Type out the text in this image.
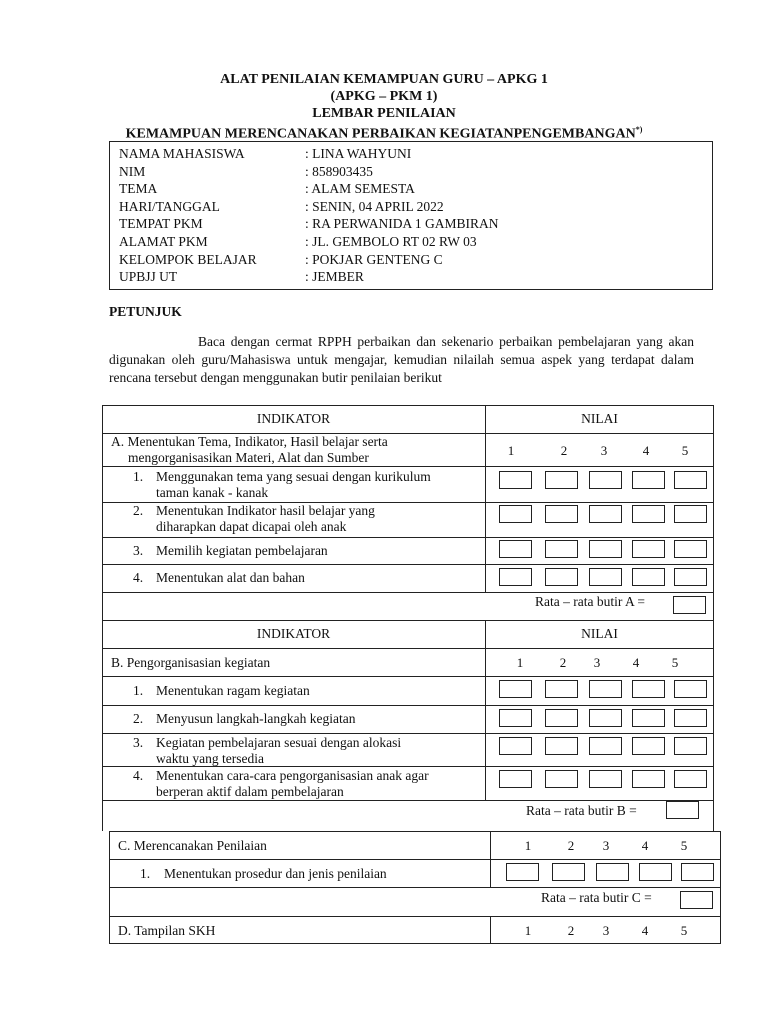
ALAT PENILAIAN KEMAMPUAN GURU – APKG 1
(APKG – PKM 1)
LEMBAR PENILAIAN
KEMAMPUAN MERENCANAKAN PERBAIKAN KEGIATANPENGEMBANGAN*)
NAMA MAHASISWA	: LINA WAHYUNI
NIM	: 858903435
TEMA	: ALAM SEMESTA
HARI/TANGGAL	: SENIN, 04 APRIL 2022
TEMPAT PKM	: RA PERWANIDA 1 GAMBIRAN
ALAMAT PKM	: JL. GEMBOLO RT 02 RW 03
KELOMPOK BELAJAR	: POKJAR GENTENG C
UPBJJ UT	: JEMBER
PETUNJUK
Baca dengan cermat RPPH perbaikan dan sekenario perbaikan pembelajaran yang akan digunakan oleh guru/Mahasiswa untuk mengajar, kemudian nilailah semua aspek yang terdapat dalam rencana tersebut dengan menggunakan butir penilaian berikut
INDIKATOR	NILAI
A. Menentukan Tema, Indikator, Hasil belajar serta
mengorganisasikan Materi, Alat dan Sumber	1	2	3	4	5
1. Menggunakan tema yang sesuai dengan kurikulum
taman kanak - kanak
2. Menentukan Indikator hasil belajar yang
diharapkan dapat dicapai oleh anak
3. Memilih kegiatan pembelajaran
4. Menentukan alat dan bahan
Rata – rata butir A =
INDIKATOR	NILAI
B. Pengorganisasian kegiatan	1	2	3	4	5
1. Menentukan ragam kegiatan
2. Menyusun langkah-langkah kegiatan
3. Kegiatan pembelajaran sesuai dengan alokasi
waktu yang tersedia
4. Menentukan cara-cara pengorganisasian anak agar
berperan aktif dalam pembelajaran
Rata – rata butir B =
C. Merencanakan Penilaian	1	2	3	4	5
1. Menentukan prosedur dan jenis penilaian
Rata – rata butir C =
D. Tampilan SKH	1	2	3	4	5
